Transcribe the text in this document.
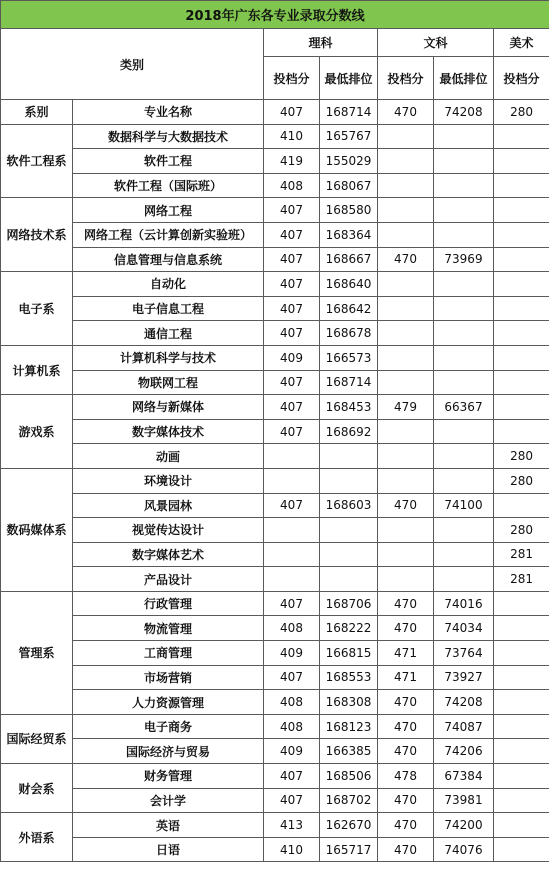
2018年广东各专业录取分数线						
类别		理科		文科		美术
		投档分	最低排位	投档分	最低排位	投档分
系别	专业名称	407	168714	470	74208	280
软件工程系	数据科学与大数据技术	410	165767			
	软件工程	419	155029			
	软件工程（国际班）	408	168067			
网络技术系	网络工程	407	168580			
	网络工程（云计算创新实验班）	407	168364			
	信息管理与信息系统	407	168667	470	73969	
电子系	自动化	407	168640			
	电子信息工程	407	168642			
	通信工程	407	168678			
计算机系	计算机科学与技术	409	166573			
	物联网工程	407	168714			
游戏系	网络与新媒体	407	168453	479	66367	
	数字媒体技术	407	168692			
	动画					280
数码媒体系	环境设计					280
	风景园林	407	168603	470	74100	
	视觉传达设计					280
	数字媒体艺术					281
	产品设计					281
管理系	行政管理	407	168706	470	74016	
	物流管理	408	168222	470	74034	
	工商管理	409	166815	471	73764	
	市场营销	407	168553	471	73927	
	人力资源管理	408	168308	470	74208	
国际经贸系	电子商务	408	168123	470	74087	
	国际经济与贸易	409	166385	470	74206	
财会系	财务管理	407	168506	478	67384	
	会计学	407	168702	470	73981	
外语系	英语	413	162670	470	74200	
	日语	410	165717	470	74076	
